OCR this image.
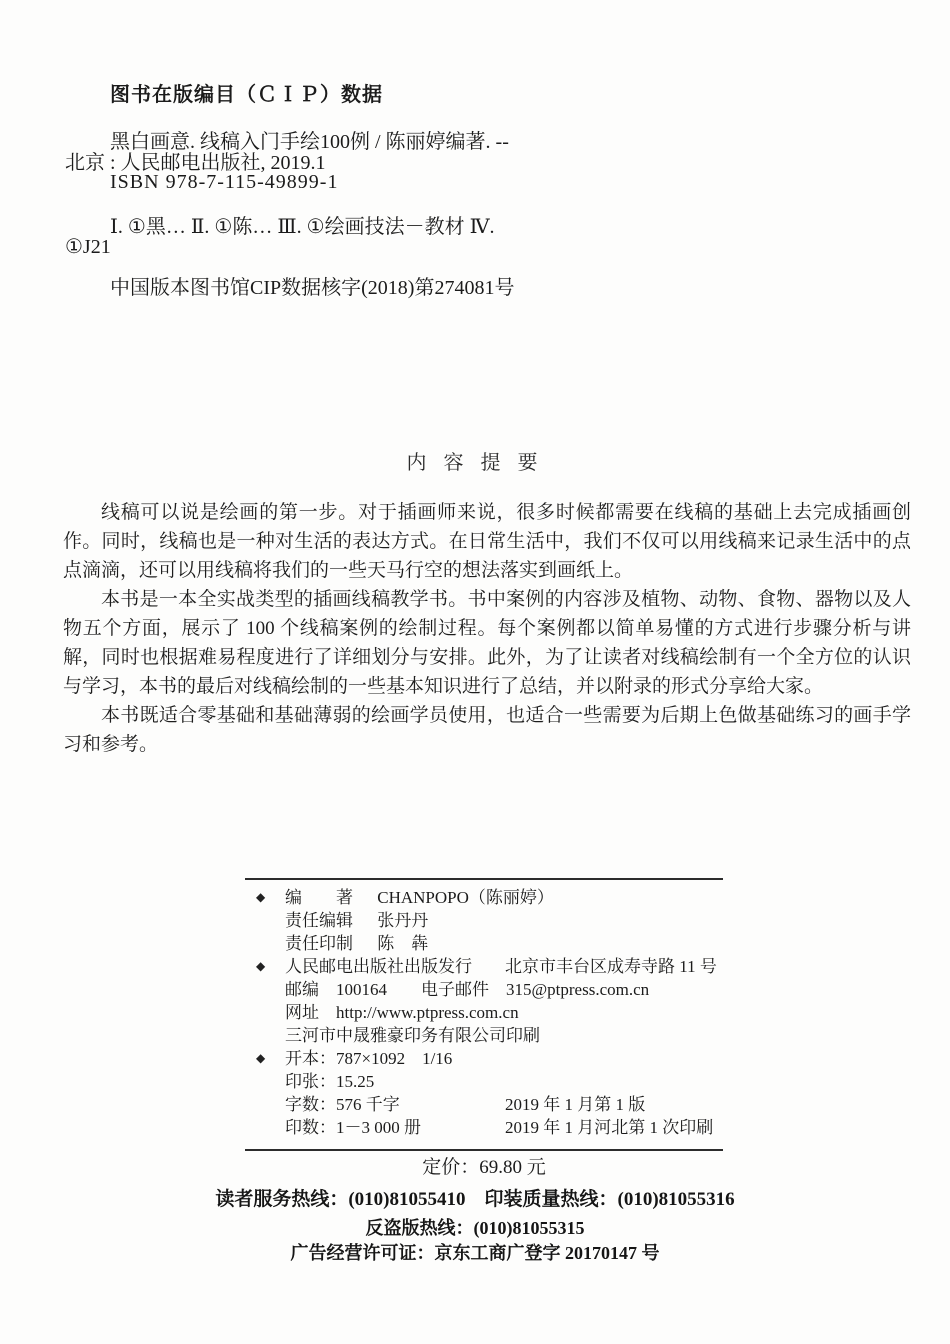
图书在版编目（ＣＩＰ）数据
黑白画意. 线稿入门手绘100例 / 陈丽婷编著. --
北京 : 人民邮电出版社, 2019.1
ISBN 978-7-115-49899-1
Ⅰ. ①黑… Ⅱ. ①陈… Ⅲ. ①绘画技法－教材 Ⅳ.
①J21
中国版本图书馆CIP数据核字(2018)第274081号
内 容 提 要

线稿可以说是绘画的第一步。对于插画师来说，很多时候都需要在线稿的基础上去完成插画创作。同时，线稿也是一种对生活的表达方式。在日常生活中，我们不仅可以用线稿来记录生活中的点点滴滴，还可以用线稿将我们的一些天马行空的想法落实到画纸上。

本书是一本全实战类型的插画线稿教学书。书中案例的内容涉及植物、动物、食物、器物以及人物五个方面，展示了 100 个线稿案例的绘制过程。每个案例都以简单易懂的方式进行步骤分析与讲解，同时也根据难易程度进行了详细划分与安排。此外，为了让读者对线稿绘制有一个全方位的认识与学习，本书的最后对线稿绘制的一些基本知识进行了总结，并以附录的形式分享给大家。

本书既适合零基础和基础薄弱的绘画学员使用，也适合一些需要为后期上色做基础练习的画手学习和参考。

◆ 编　　著 CHANPOPO（陈丽婷）
责任编辑 张丹丹
责任印制 陈　犇
◆ 人民邮电出版社出版发行 北京市丰台区成寿寺路 11 号
邮编　100164　　电子邮件　315@ptpress.com.cn
网址　http://www.ptpress.com.cn
三河市中晟雅豪印务有限公司印刷
◆ 开本：787×1092　1/16
印张：15.25
字数：576 千字	2019 年 1 月第 1 版
印数：1－3 000 册	2019 年 1 月河北第 1 次印刷
定价：69.80 元
读者服务热线：(010)81055410　印装质量热线：(010)81055316
反盗版热线：(010)81055315
广告经营许可证：京东工商广登字 20170147 号
